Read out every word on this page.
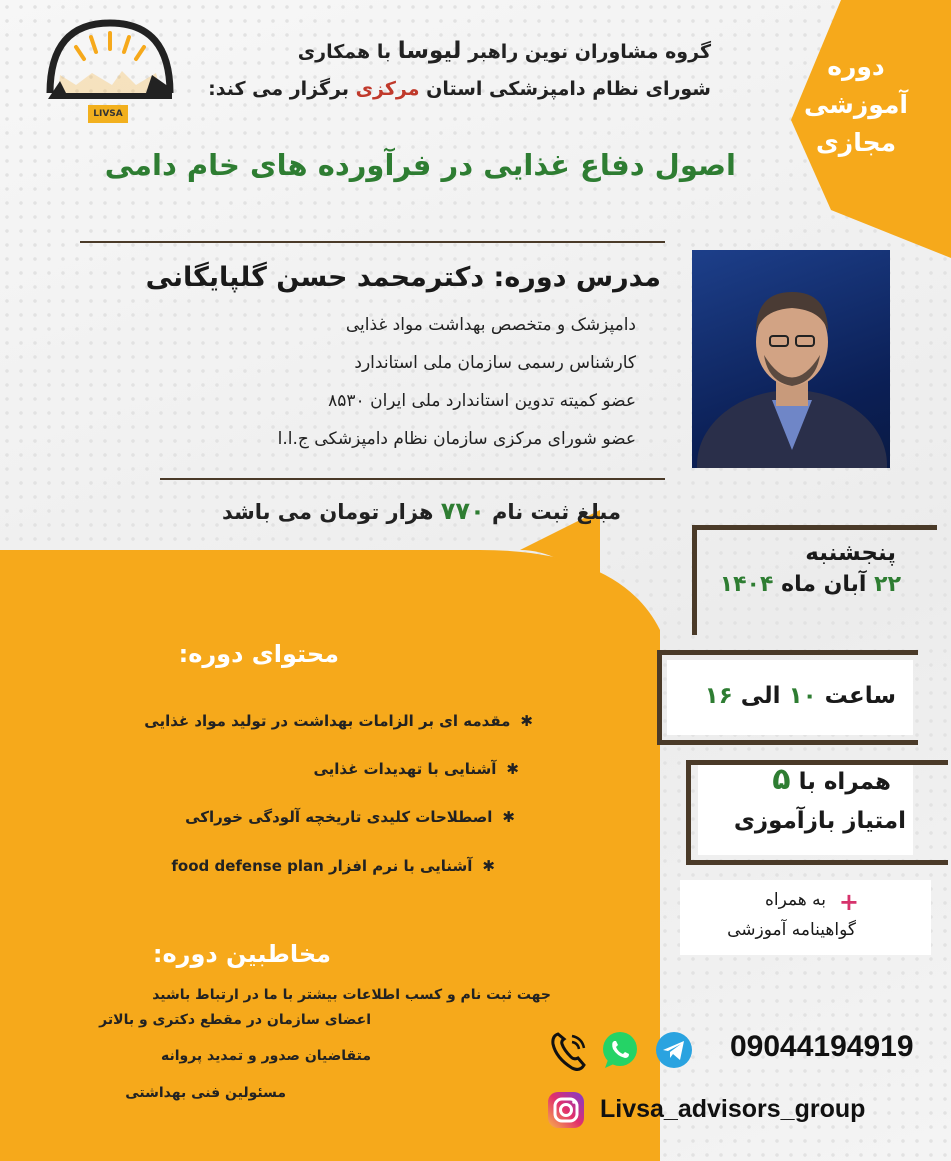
دوره
آموزشی
مجازی
LIVSA
گروه مشاوران نوین راهبر لیوسا با همکاری
شورای نظام دامپزشکی استان مرکزی برگزار می کند:
اصول دفاع غذایی در فرآورده های خام دامی
مدرس دوره: دکترمحمد حسن گلپایگانی
دامپزشک و متخصص بهداشت مواد غذایی
کارشناس رسمی سازمان ملی استاندارد
عضو کمیته تدوین استاندارد ملی ایران ۸۵۳۰
عضو شورای مرکزی سازمان نظام دامپزشکی ج.ا.ا
مبلغ ثبت نام ۷۷۰ هزار تومان می باشد
پنجشنبه
۲۲ آبان ماه ۱۴۰۴
ساعت ۱۰ الی ۱۶
همراه با ۵
امتیاز بازآموزی
+
به همراه
گواهینامه آموزشی
محتوای دوره:
✱مقدمه ای بر الزامات بهداشت در تولید مواد غذایی
✱آشنایی با تهدیدات غذایی
✱اصطلاحات کلیدی تاریخچه آلودگی خوراکی
✱آشنایی با نرم افزار food defense plan
مخاطبین دوره:
اعضای سازمان در مقطع دکتری و بالاتر
متقاضیان صدور و تمدید پروانه
مسئولین فنی بهداشتی
جهت ثبت نام و کسب اطلاعات بیشتر با ما در ارتباط باشید
09044194919
Livsa_advisors_group
